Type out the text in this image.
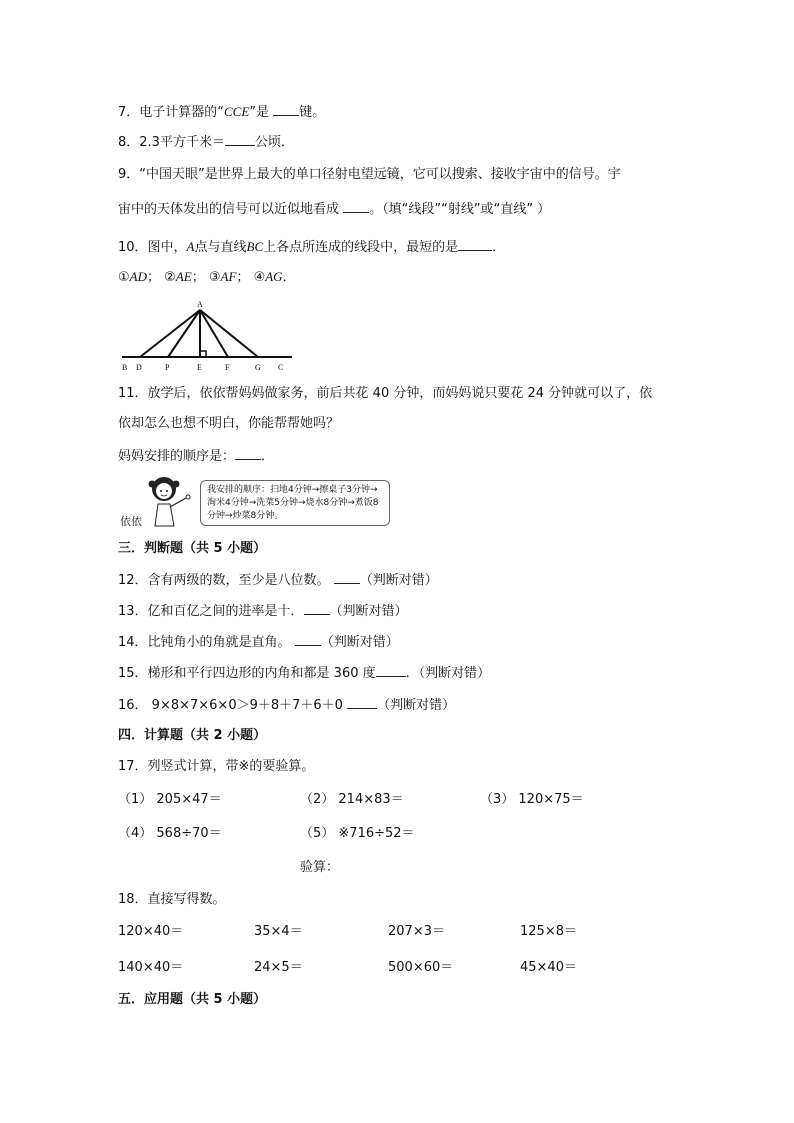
7．电子计算器的“CCE”是 键。
8．2.3平方千米＝ 公顷．
9．“中国天眼”是世界上最大的单口径射电望远镜，它可以搜索、接收宇宙中的信号。宇
宙中的天体发出的信号可以近似地看成 。（填“线段”“射线”或“直线” ）
10．图中，A点与直线BC上各点所连成的线段中，最短的是	．
①AD； ②AE； ③AF； ④AG．
A
B D	P	E	F	G C
11．放学后，依依帮妈妈做家务，前后共花 40 分钟，而妈妈说只要花 24 分钟就可以了，依
依却怎么也想不明白，你能帮帮她吗？
妈妈安排的顺序是： ．
依依
我安排的顺序：扫地4分钟→擦桌子3分钟→淘米4分钟→洗菜5分钟→烧水8分钟→煮饭8分钟→炒菜8分钟。
三．判断题（共 5 小题）
12．含有两级的数，至少是八位数。 （判断对错）
13．亿和百亿之间的进率是十． （判断对错）
14．比钝角小的角就是直角。 （判断对错）
15．梯形和平行四边形的内角和都是 360 度 ．（判断对错）
16． 9×8×7×6×0＞9＋8＋7＋6＋0 （判断对错）
四．计算题（共 2 小题）
17．列竖式计算，带※的要验算。
（1） 205×47＝	（2） 214×83＝	（3） 120×75＝
（4） 568÷70＝	（5） ※716÷52＝
验算：
18．直接写得数。
120×40＝	35×4＝	207×3＝	125×8＝
140×40＝	24×5＝	500×60＝	45×40＝
五．应用题（共 5 小题）
